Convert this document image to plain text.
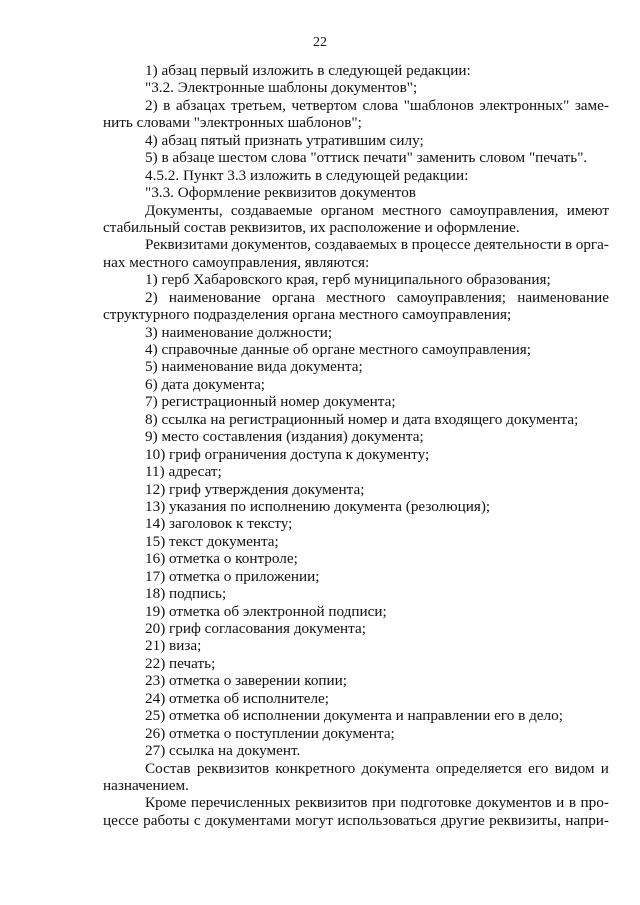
22
1) абзац первый изложить в следующей редакции:
"3.2. Электронные шаблоны документов";
2) в абзацах третьем, четвертом слова "шаблонов электронных" заме-
нить словами "электронных шаблонов";
4) абзац пятый признать утратившим силу;
5) в абзаце шестом слова "оттиск печати" заменить словом "печать".
4.5.2. Пункт 3.3 изложить в следующей редакции:
"3.3. Оформление реквизитов документов
Документы, создаваемые органом местного самоуправления, имеют
стабильный состав реквизитов, их расположение и оформление.
Реквизитами документов, создаваемых в процессе деятельности в орга-
нах местного самоуправления, являются:
1) герб Хабаровского края, герб муниципального образования;
2) наименование органа местного самоуправления; наименование
структурного подразделения органа местного самоуправления;
3) наименование должности;
4) справочные данные об органе местного самоуправления;
5) наименование вида документа;
6) дата документа;
7) регистрационный номер документа;
8) ссылка на регистрационный номер и дата входящего документа;
9) место составления (издания) документа;
10) гриф ограничения доступа к документу;
11) адресат;
12) гриф утверждения документа;
13) указания по исполнению документа (резолюция);
14) заголовок к тексту;
15) текст документа;
16) отметка о контроле;
17) отметка о приложении;
18) подпись;
19) отметка об электронной подписи;
20) гриф согласования документа;
21) виза;
22) печать;
23) отметка о заверении копии;
24) отметка об исполнителе;
25) отметка об исполнении документа и направлении его в дело;
26) отметка о поступлении документа;
27) ссылка на документ.
Состав реквизитов конкретного документа определяется его видом и
назначением.
Кроме перечисленных реквизитов при подготовке документов и в про-
цессе работы с документами могут использоваться другие реквизиты, напри-
